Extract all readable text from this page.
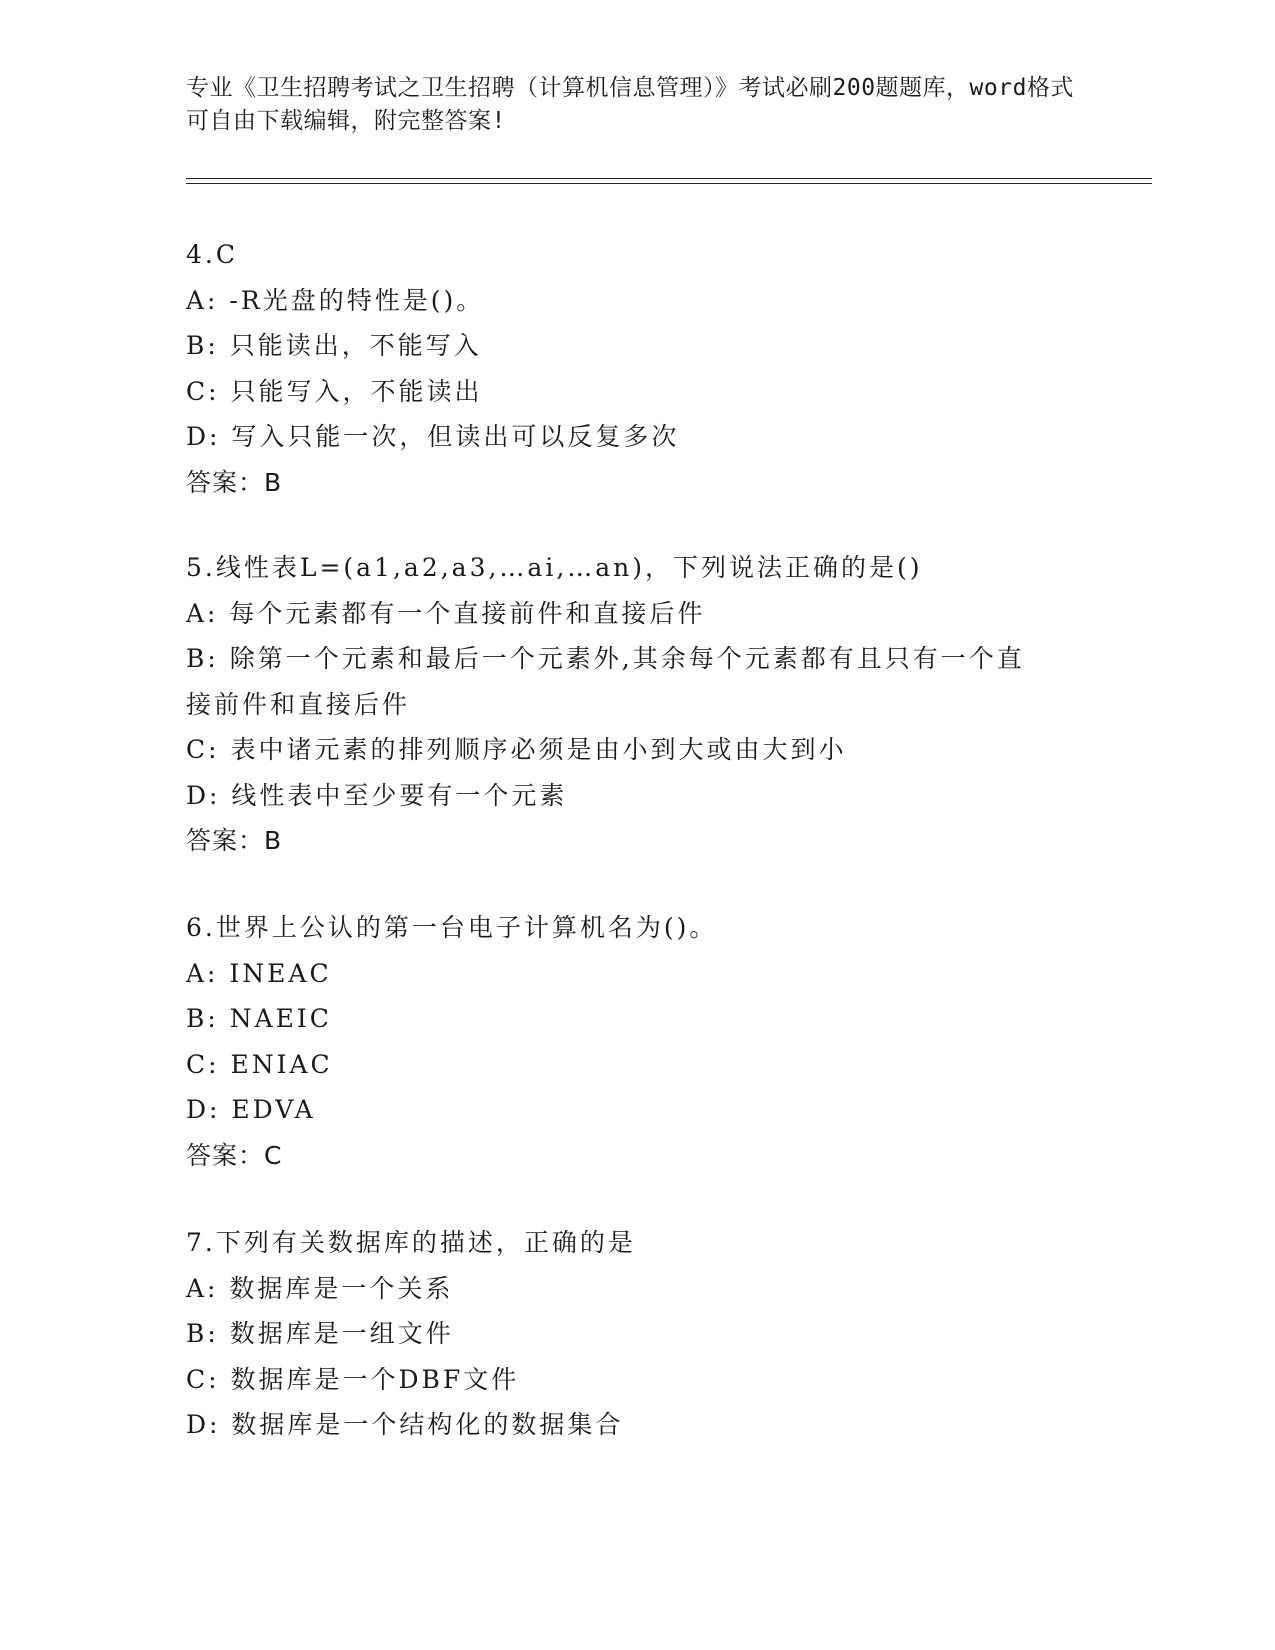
专业《卫生招聘考试之卫生招聘（计算机信息管理）》考试必刷200题题库，word格式可自由下载编辑，附完整答案!
4.C
A: -R光盘的特性是()。
B: 只能读出，不能写入
C: 只能写入，不能读出
D: 写入只能一次，但读出可以反复多次
答案：B
5.线性表L=(a1,a2,a3,…ai,…an)，下列说法正确的是()
A: 每个元素都有一个直接前件和直接后件
B: 除第一个元素和最后一个元素外,其余每个元素都有且只有一个直接前件和直接后件
C: 表中诸元素的排列顺序必须是由小到大或由大到小
D: 线性表中至少要有一个元素
答案：B
6.世界上公认的第一台电子计算机名为()。
A: INEAC
B: NAEIC
C: ENIAC
D: EDVA
答案：C
7.下列有关数据库的描述，正确的是
A: 数据库是一个关系
B: 数据库是一组文件
C: 数据库是一个DBF文件
D: 数据库是一个结构化的数据集合
